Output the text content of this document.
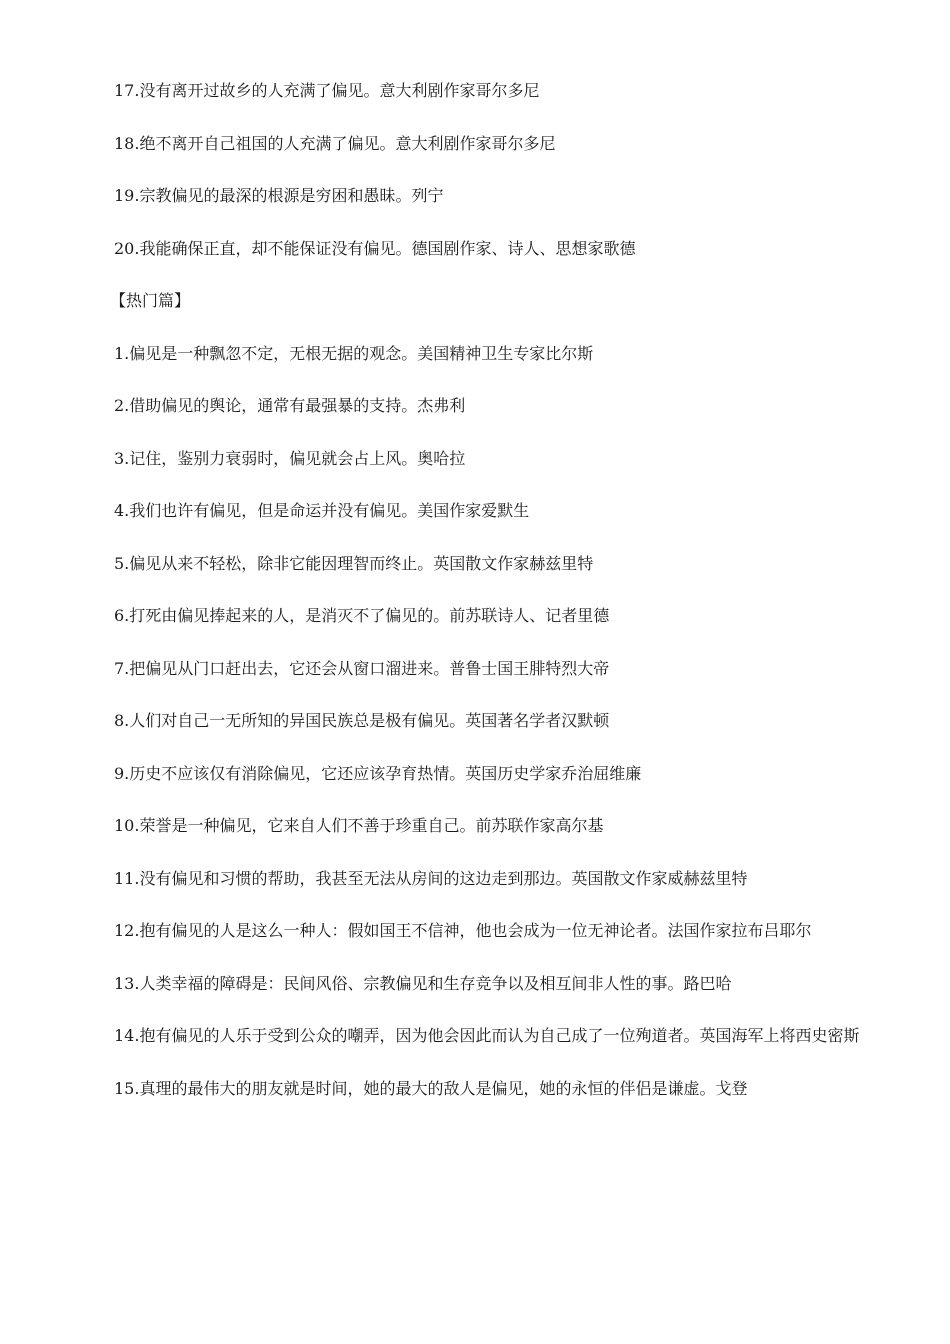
17.没有离开过故乡的人充满了偏见。意大利剧作家哥尔多尼

18.绝不离开自己祖国的人充满了偏见。意大利剧作家哥尔多尼

19.宗教偏见的最深的根源是穷困和愚昧。列宁

20.我能确保正直，却不能保证没有偏见。德国剧作家、诗人、思想家歌德

【热门篇】

1.偏见是一种飘忽不定，无根无据的观念。美国精神卫生专家比尔斯

2.借助偏见的舆论，通常有最强暴的支持。杰弗利

3.记住，鉴别力衰弱时，偏见就会占上风。奥哈拉

4.我们也许有偏见，但是命运并没有偏见。美国作家爱默生

5.偏见从来不轻松，除非它能因理智而终止。英国散文作家赫兹里特

6.打死由偏见捧起来的人，是消灭不了偏见的。前苏联诗人、记者里德

7.把偏见从门口赶出去，它还会从窗口溜进来。普鲁士国王腓特烈大帝

8.人们对自己一无所知的异国民族总是极有偏见。英国著名学者汉默顿

9.历史不应该仅有消除偏见，它还应该孕育热情。英国历史学家乔治屈维廉

10.荣誉是一种偏见，它来自人们不善于珍重自己。前苏联作家高尔基

11.没有偏见和习惯的帮助，我甚至无法从房间的这边走到那边。英国散文作家威赫兹里特

12.抱有偏见的人是这么一种人：假如国王不信神，他也会成为一位无神论者。法国作家拉布吕耶尔

13.人类幸福的障碍是：民间风俗、宗教偏见和生存竞争以及相互间非人性的事。路巴哈

14.抱有偏见的人乐于受到公众的嘲弄，因为他会因此而认为自己成了一位殉道者。英国海军上将西史密斯

15.真理的最伟大的朋友就是时间，她的最大的敌人是偏见，她的永恒的伴侣是谦虚。戈登
